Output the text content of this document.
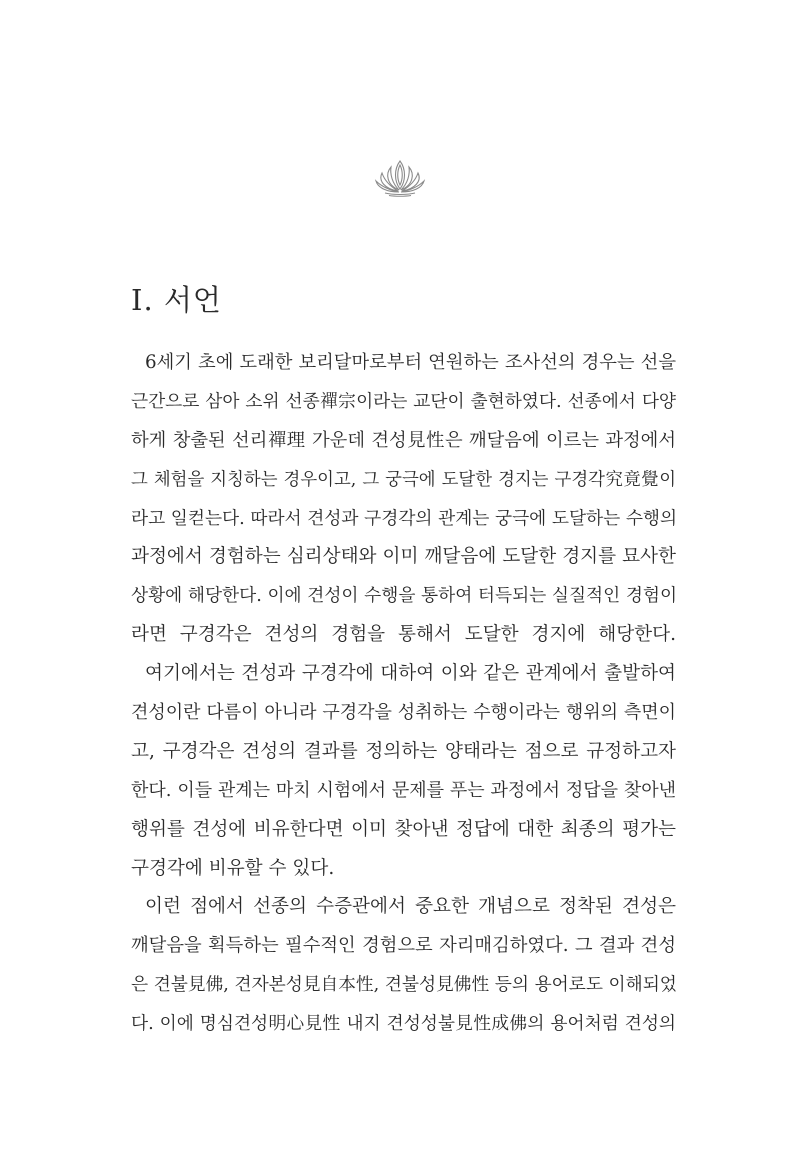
Ⅰ. 서언

6세기 초에 도래한 보리달마로부터 연원하는 조사선의 경우는 선을

근간으로 삼아 소위 선종禪宗이라는 교단이 출현하였다. 선종에서 다양

하게 창출된 선리禪理 가운데 견성見性은 깨달음에 이르는 과정에서

그 체험을 지칭하는 경우이고, 그 궁극에 도달한 경지는 구경각究竟覺이

라고 일컫는다. 따라서 견성과 구경각의 관계는 궁극에 도달하는 수행의

과정에서 경험하는 심리상태와 이미 깨달음에 도달한 경지를 묘사한

상황에 해당한다. 이에 견성이 수행을 통하여 터득되는 실질적인 경험이

라면 구경각은 견성의 경험을 통해서 도달한 경지에 해당한다.

여기에서는 견성과 구경각에 대하여 이와 같은 관계에서 출발하여

견성이란 다름이 아니라 구경각을 성취하는 수행이라는 행위의 측면이

고, 구경각은 견성의 결과를 정의하는 양태라는 점으로 규정하고자

한다. 이들 관계는 마치 시험에서 문제를 푸는 과정에서 정답을 찾아낸

행위를 견성에 비유한다면 이미 찾아낸 정답에 대한 최종의 평가는

구경각에 비유할 수 있다.

이런 점에서 선종의 수증관에서 중요한 개념으로 정착된 견성은

깨달음을 획득하는 필수적인 경험으로 자리매김하였다. 그 결과 견성

은 견불見佛, 견자본성見自本性, 견불성見佛性 등의 용어로도 이해되었

다. 이에 명심견성明心見性 내지 견성성불見性成佛의 용어처럼 견성의
